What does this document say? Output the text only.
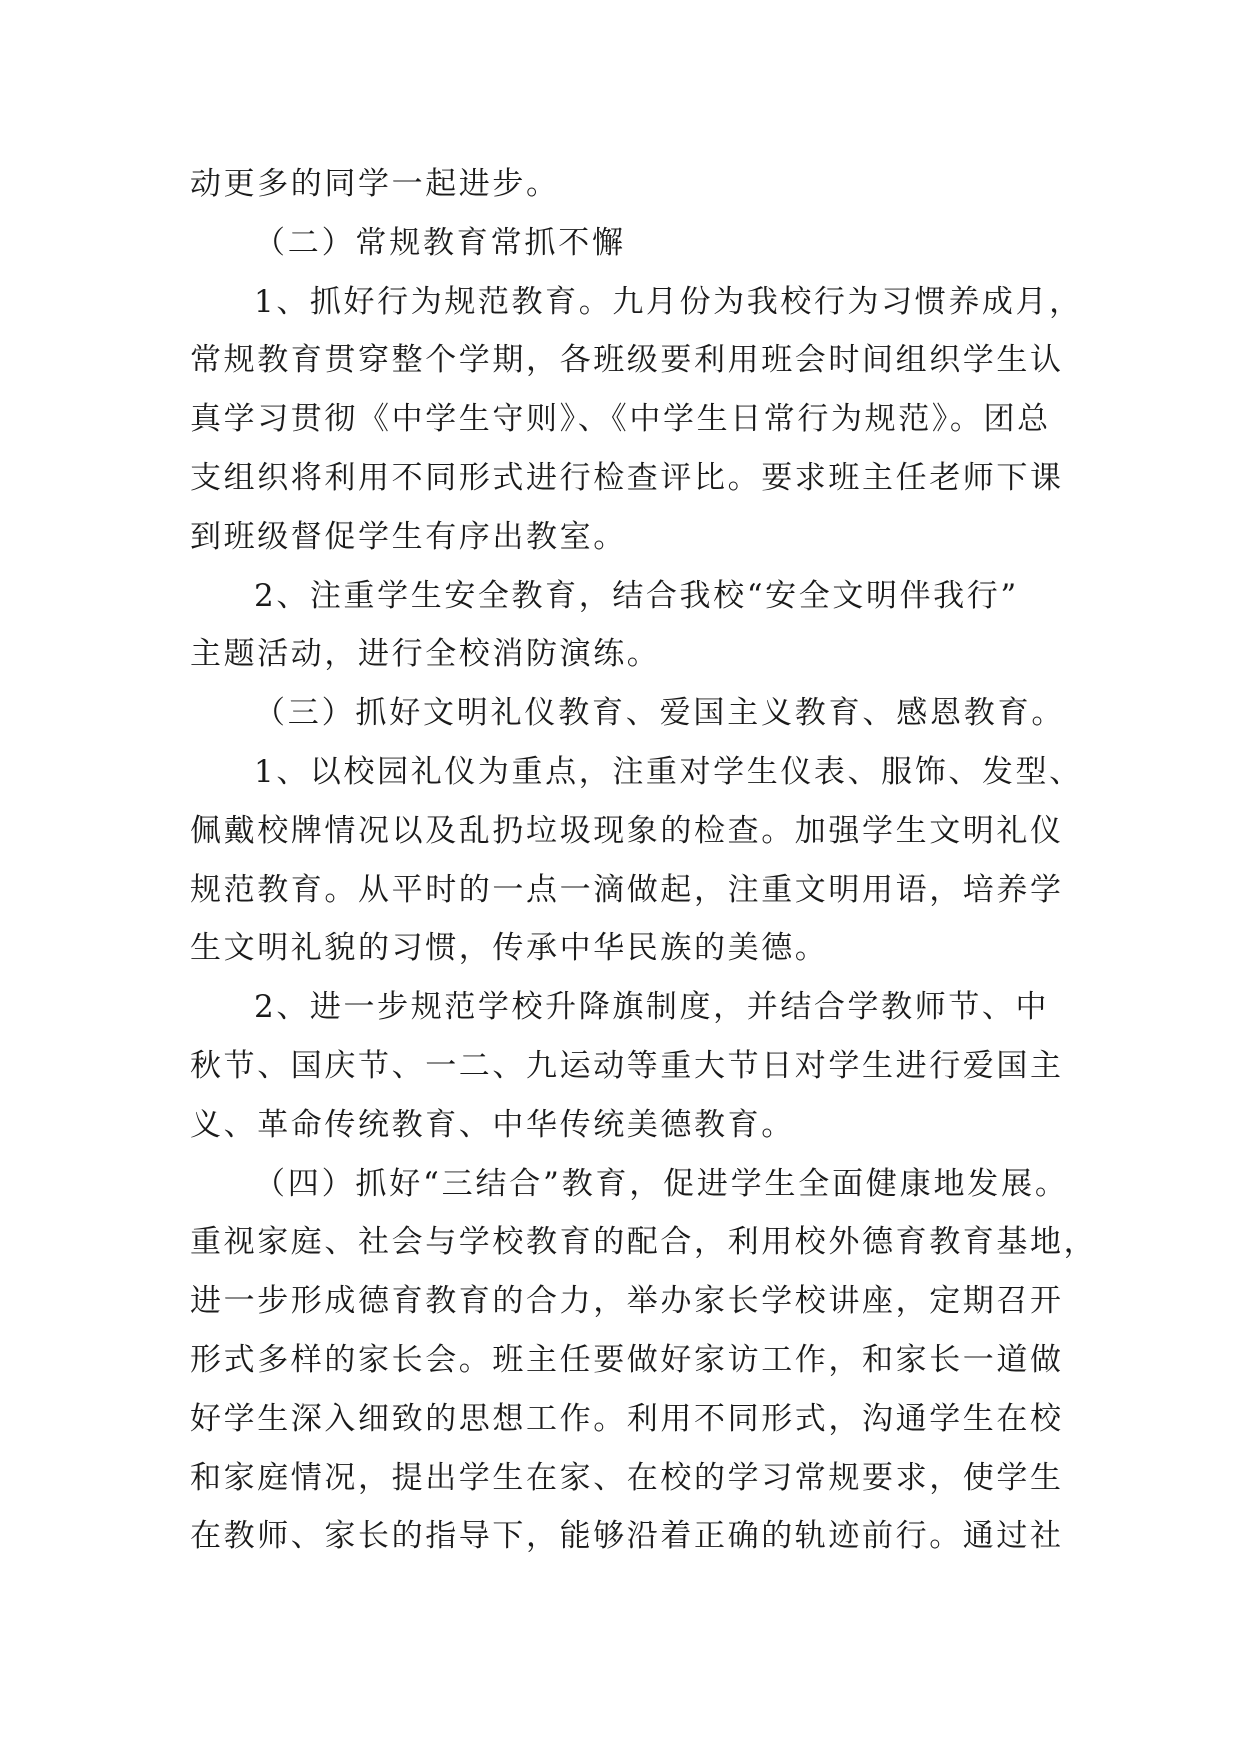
动更多的同学一起进步。
（二）常规教育常抓不懈
1、抓好行为规范教育。九月份为我校行为习惯养成月，
常规教育贯穿整个学期，各班级要利用班会时间组织学生认
真学习贯彻《中学生守则》、《中学生日常行为规范》。团总
支组织将利用不同形式进行检查评比。要求班主任老师下课
到班级督促学生有序出教室。
2、注重学生安全教育，结合我校“安全文明伴我行”
主题活动，进行全校消防演练。
（三）抓好文明礼仪教育、爱国主义教育、感恩教育。
1、以校园礼仪为重点，注重对学生仪表、服饰、发型、
佩戴校牌情况以及乱扔垃圾现象的检查。加强学生文明礼仪
规范教育。从平时的一点一滴做起，注重文明用语，培养学
生文明礼貌的习惯，传承中华民族的美德。
2、进一步规范学校升降旗制度，并结合学教师节、中
秋节、国庆节、一二、九运动等重大节日对学生进行爱国主
义、革命传统教育、中华传统美德教育。
（四）抓好“三结合”教育，促进学生全面健康地发展。
重视家庭、社会与学校教育的配合，利用校外德育教育基地，
进一步形成德育教育的合力，举办家长学校讲座，定期召开
形式多样的家长会。班主任要做好家访工作，和家长一道做
好学生深入细致的思想工作。利用不同形式，沟通学生在校
和家庭情况，提出学生在家、在校的学习常规要求，使学生
在教师、家长的指导下，能够沿着正确的轨迹前行。通过社
